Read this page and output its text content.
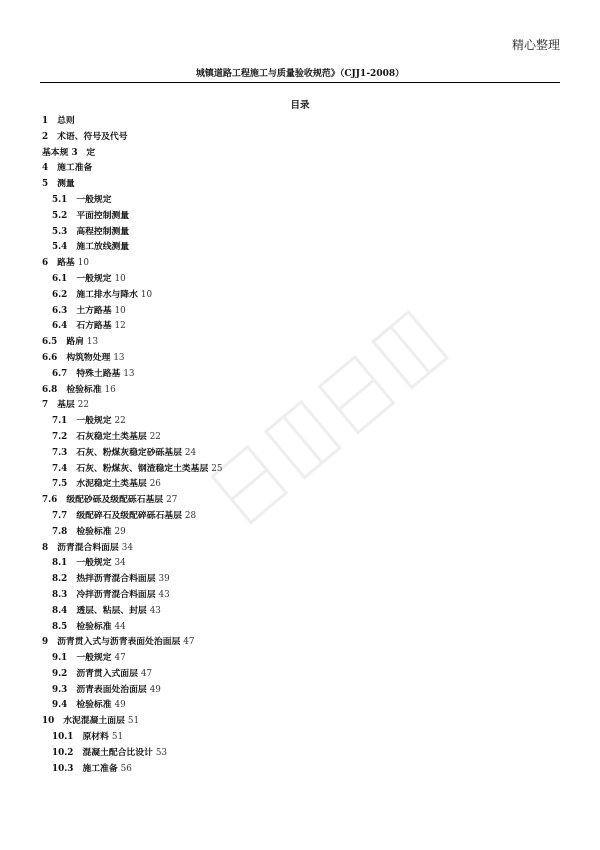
精心整理
城镇道路工程施工与质量验收规范》（CJJ1-2008）
目录
1 总则
2 术语、符号及代号
基本规 3　定
4 施工准备
5 测量
5.1 一般规定
5.2 平面控制测量
5.3 高程控制测量
5.4 施工放线测量
6 路基 10
6.1 一般规定 10
6.2 施工排水与降水 10
6.3 土方路基 10
6.4 石方路基 12
6.5 路肩 13
6.6 构筑物处理 13
6.7 特殊土路基 13
6.8 检验标准 16
7 基层 22
7.1 一般规定 22
7.2 石灰稳定土类基层 22
7.3 石灰、粉煤灰稳定砂砾基层 24
7.4 石灰、粉煤灰、钢渣稳定土类基层 25
7.5 水泥稳定土类基层 26
7.6 级配砂砾及级配砾石基层 27
7.7 级配碎石及级配碎砾石基层 28
7.8 检验标准 29
8 沥青混合料面层 34
8.1 一般规定 34
8.2 热拌沥青混合料面层 39
8.3 冷拌沥青混合料面层 43
8.4 透层、粘层、封层 43
8.5 检验标准 44
9 沥青贯入式与沥青表面处治面层 47
9.1 一般规定 47
9.2 沥青贯入式面层 47
9.3 沥青表面处治面层 49
9.4 检验标准 49
10 水泥混凝土面层 51
10.1 原材料 51
10.2 混凝土配合比设计 53
10.3 施工准备 56
